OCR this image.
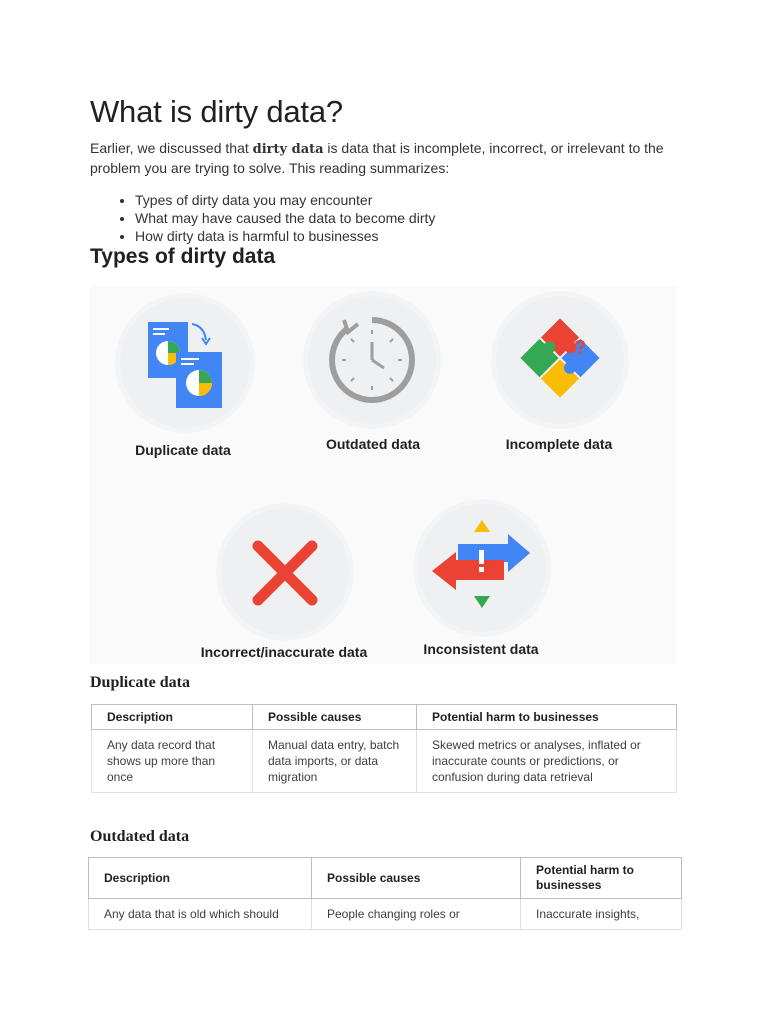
What is dirty data?
Earlier, we discussed that dirty data is data that is incomplete, incorrect, or irrelevant to the problem you are trying to solve. This reading summarizes:
• Types of dirty data you may encounter
• What may have caused the data to become dirty
• How dirty data is harmful to businesses
Types of dirty data
Duplicate data	Outdated data
?
Incomplete data
Incorrect/inaccurate data	Inconsistent data
Duplicate data
Description	Possible causes	Potential harm to businesses
Any data record that shows up more than once	Manual data entry, batch data imports, or data migration	Skewed metrics or analyses, inflated or inaccurate counts or predictions, or confusion during data retrieval
Outdated data
Description	Possible causes	Potential harm to businesses
Any data that is old which should	People changing roles or	Inaccurate insights,
